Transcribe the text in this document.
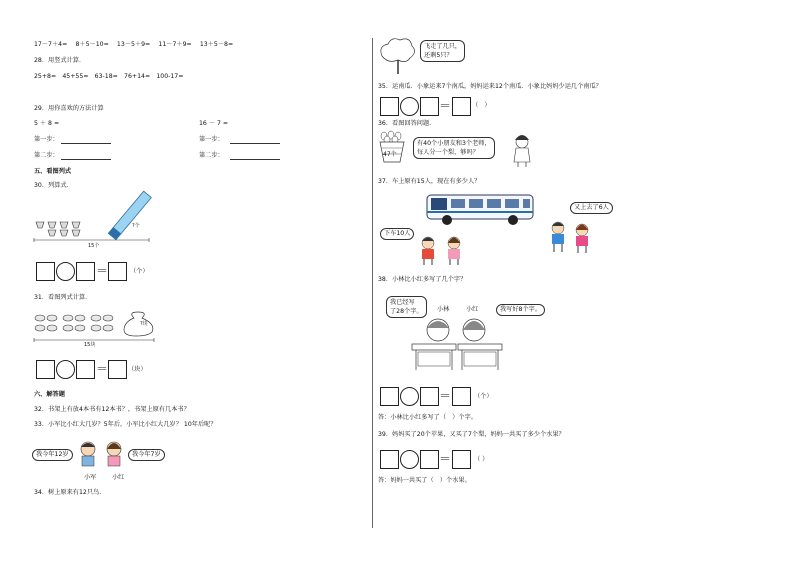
17－7＋4=　 8＋5－10=　 13－5＋9=　 11－7＋9=　 13＋5－8=
28．用竖式计算．
25+8=　45+55=　63-18=　76+14=　100-17=
29．用你喜欢的方法计算
5 ＋ 8 =	16 － 7 =
第一步：	第一步：
第二步：	第二步：
五、看图列式
30．列算式．
?个
15个
＝	（个）
31．看图列式计算．
?块
15块
＝	（块）
六、解答题
32．书架上有放4本书有12本书？，书架上原有几本书？
33．小军比小红大几岁？5年后，小军比小红大几岁？ 10年后呢？
我今年12岁	我今年7岁
小军	小红
34．树上原来有12只鸟．
飞走了几只，
还剩5只？
35．运南瓜．小象运来7个南瓜，妈妈运来12个南瓜．小象比妈妈少运几个南瓜？
＝	（　）
36．看图回答问题．
47个
有40个小朋友和3个老师，
每人分一个梨，够吗？
37．车上原有15人，现在有多少人？
下车10人
又上去了6人
38．小林比小红多写了几个字？
我已经写
了28个字。	我写好8个字。
小林	小红
＝	（个）
答：小林比小红多写了（　）个字。
39．妈妈买了20个苹果，又买了7个梨，妈妈一共买了多少个水果？
＝	（ ）
答：妈妈一共买了（　）个水果。
